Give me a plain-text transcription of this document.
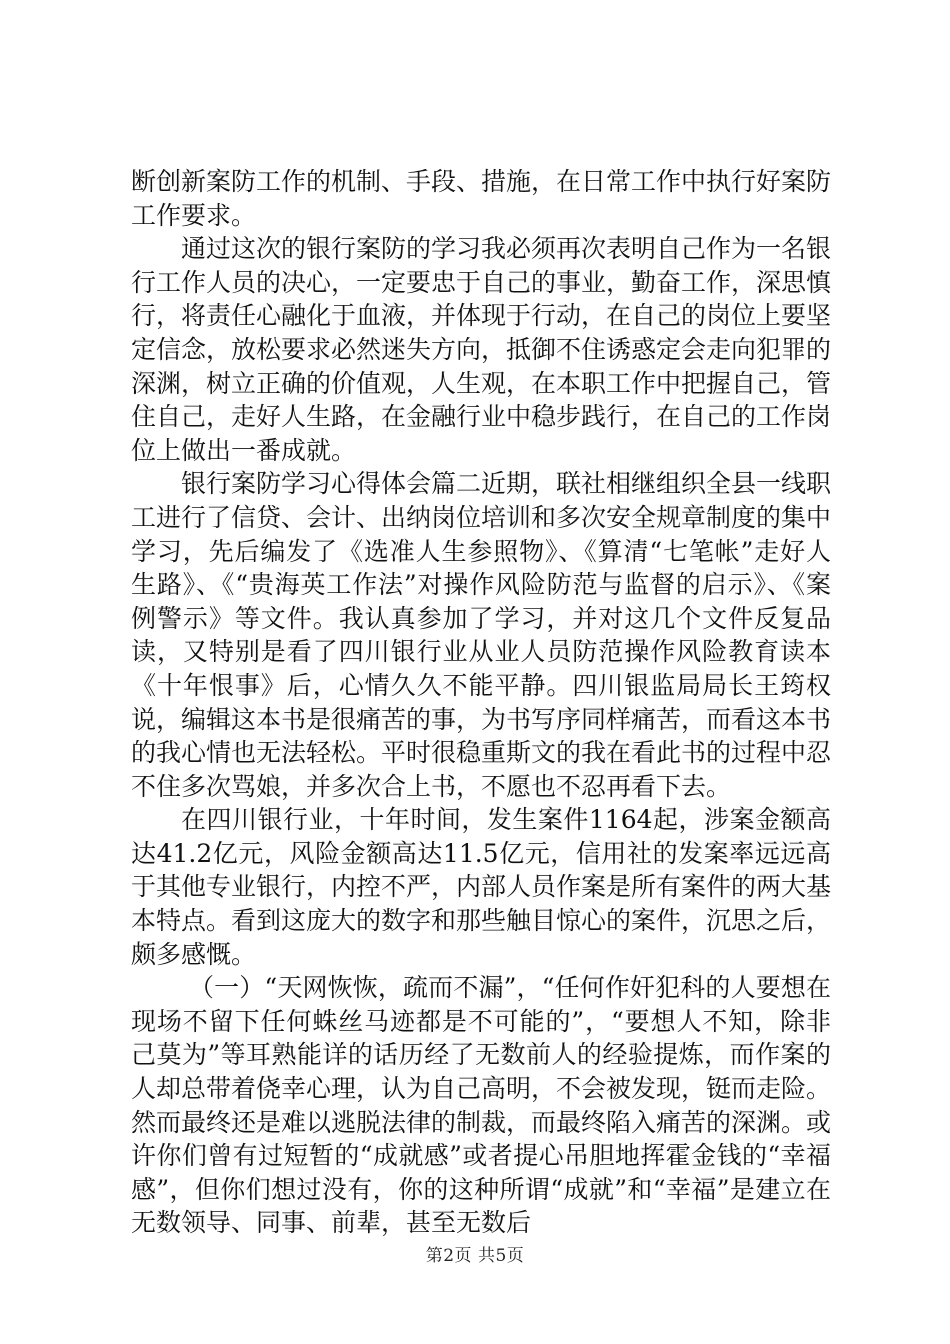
断创新案防工作的机制、手段、措施，在日常工作中执行好案防工作要求。

通过这次的银行案防的学习我必须再次表明自己作为一名银行工作人员的决心，一定要忠于自己的事业，勤奋工作，深思慎行，将责任心融化于血液，并体现于行动，在自己的岗位上要坚定信念，放松要求必然迷失方向，抵御不住诱惑定会走向犯罪的深渊，树立正确的价值观，人生观，在本职工作中把握自己，管住自己，走好人生路，在金融行业中稳步践行，在自己的工作岗位上做出一番成就。

银行案防学习心得体会篇二近期，联社相继组织全县一线职工进行了信贷、会计、出纳岗位培训和多次安全规章制度的集中学习，先后编发了《选准人生参照物》、《算清“七笔帐”走好人生路》、《“贵海英工作法”对操作风险防范与监督的启示》、《案例警示》等文件。我认真参加了学习，并对这几个文件反复品读，又特别是看了四川银行业从业人员防范操作风险教育读本《十年恨事》后，心情久久不能平静。四川银监局局长王筠权说，编辑这本书是很痛苦的事，为书写序同样痛苦，而看这本书的我心情也无法轻松。平时很稳重斯文的我在看此书的过程中忍不住多次骂娘，并多次合上书，不愿也不忍再看下去。

在四川银行业，十年时间，发生案件1164起，涉案金额高达41.2亿元，风险金额高达11.5亿元，信用社的发案率远远高于其他专业银行，内控不严，内部人员作案是所有案件的两大基本特点。看到这庞大的数字和那些触目惊心的案件，沉思之后，颇多感慨。

（一）“天网恢恢，疏而不漏”，“任何作奸犯科的人要想在现场不留下任何蛛丝马迹都是不可能的”，“要想人不知，除非己莫为”等耳熟能详的话历经了无数前人的经验提炼，而作案的人却总带着侥幸心理，认为自己高明，不会被发现，铤而走险。然而最终还是难以逃脱法律的制裁，而最终陷入痛苦的深渊。或许你们曾有过短暂的“成就感”或者提心吊胆地挥霍金钱的“幸福感”，但你们想过没有，你的这种所谓“成就”和“幸福”是建立在无数领导、同事、前辈，甚至无数后

第2页 共5页
